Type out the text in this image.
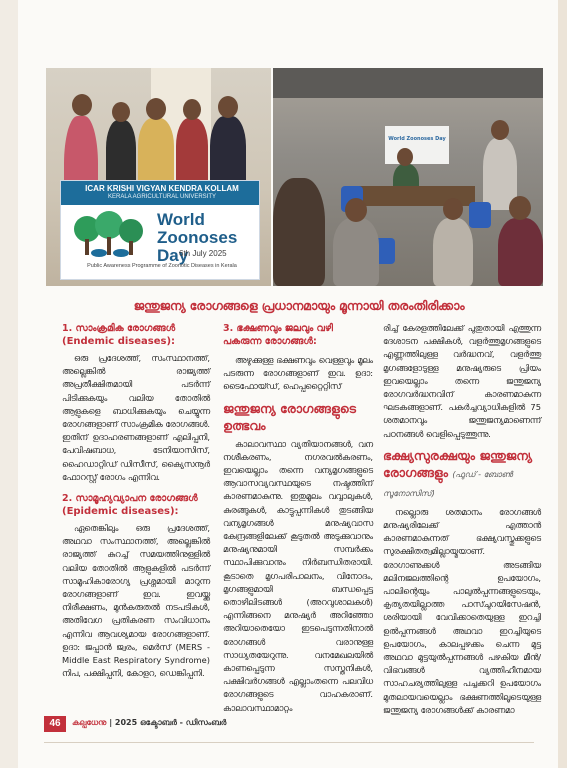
ICAR KRISHI VIGYAN KENDRA KOLLAM
KERALA AGRICULTURAL UNIVERSITY
World Zoonoses Day
6th July 2025
Public Awareness Programme of Zoonotic Diseases in Kerala
World Zoonoses Day
ജന്തുജന്യ രോഗങ്ങളെ പ്രധാനമായും മൂന്നായി തരംതിരിക്കാം
1. സാംക്രമിക രോഗങ്ങൾ
(Endemic diseases):

ഒരു പ്രദേശത്ത്, സംസ്ഥാനത്ത്, അല്ലെങ്കിൽ രാജ്യത്ത് അപ്രതീക്ഷിതമായി പടർന്ന് പിടിക്കുകയും വലിയ തോതിൽ ആളുകളെ ബാധിക്കുകയും ചെയ്യുന്ന രോഗങ്ങളാണ് സാംക്രമിക രോഗങ്ങൾ. ഇതിന് ഉദാഹരണങ്ങളാണ് എലിപ്പനി, പേവിഷബാധ, ടേനിയാസിസ്, ഹൈഡാറ്റിഡ് ഡിസീസ്, ക്യൈസനൂർ ഫോറസ്റ്റ് രോഗം എന്നിവ.

2. സാമൂഹ്യവ്യാപന രോഗങ്ങൾ
(Epidemic diseases):

ഏതെങ്കിലും ഒരു പ്രദേശത്ത്, അഥവാ സംസ്ഥാനത്ത്, അല്ലെങ്കിൽ രാജ്യത്ത് കുറച്ച് സമയത്തിനുള്ളിൽ വലിയ തോതിൽ ആളുകളിൽ പടർന്ന് സാമൂഹികാരോഗ്യ പ്രശ്നമായി മാറുന്ന രോഗങ്ങളാണ് ഇവ. ഇവയ്ക്കു നിരീക്ഷണം, മുൻകരുതൽ നടപടികൾ, അതിവേഗ പ്രതികരണ സംവിധാനം എന്നിവ ആവശ്യമായ രോഗങ്ങളാണ്. ഉദാ: ജപ്പാൻ ജ്വരം, മെർസ് (MERS - Middle East Respiratory Syndrome) നിപ, പക്ഷിപ്പനി, കോളറ, ഡെങ്കിപ്പനി.

3. ഭക്ഷണവും ജലവും വഴി പകരുന്ന രോഗങ്ങൾ:

അഴുക്കുള്ള ഭക്ഷണവും വെള്ളവും മൂലം പടരുന്ന രോഗങ്ങളാണ് ഇവ. ഉദാ: ടൈഫോയ്ഡ്, ഹെപ്പറ്റൈറ്റിസ്

ജന്തുജന്യ രോഗങ്ങളുടെ ഉത്ഭവം

കാലാവസ്ഥാ വ്യതിയാനങ്ങൾ, വന നശീകരണം, നഗരവൽകരണം, ഇവയെല്ലാം തന്നെ വന്യമൃഗങ്ങളുടെ ആവാസവ്യവസ്ഥയുടെ നഷ്ടത്തിന് കാരണമാകുന്നു. ഇതുമൂലം വവ്വാലുകൾ, കുരങ്ങുകൾ, കാട്ടുപ്പന്നികൾ തുടങ്ങിയ വന്യമൃഗങ്ങൾ മനുഷ്യവാസ കേന്ദ്രങ്ങളിലേക്ക് കൂടുതൽ അടുക്കുവാനും മനുഷ്യനുമായി സമ്പർക്കം സ്ഥാപിക്കുവാനും നിർബന്ധിതരായി. കൂടാതെ മൃഗപരിപാലനം, വിനോദം, മൃഗങ്ങളുമായി ബന്ധപ്പെട്ട തൊഴിലിടങ്ങൾ (അറവുശാലകൾ) എന്നിങ്ങനെ മനുഷ്യർ അറിഞ്ഞോ അറിയാതെയോ ഇടപെടുന്നതിനാൽ രോഗങ്ങൾ വരാനുള്ള സാധ്യതയേറുന്നു. വനമേഖലയിൽ കാണപ്പെടുന്ന സസ്തനികൾ, പക്ഷിവർഗങ്ങൾ എല്ലാംതന്നെ പലവിധ രോഗങ്ങളുടെ വാഹകരാണ്. കാലാവസ്ഥാമാറ്റം

രിച്ച് കേരളത്തിലേക്ക് പുതുതായി എത്തുന്ന ദേശാടന പക്ഷികൾ, വളർത്തുമൃഗങ്ങളുടെ എണ്ണത്തിലുള്ള വർദ്ധനവ്, വളർത്തു മൃഗങ്ങളോടുള്ള മനുഷ്യരുടെ പ്രിയം ഇവയെല്ലാം തന്നെ ജന്തുജന്യ രോഗവർദ്ധനവിന് കാരണമാകുന്ന ഘടകങ്ങളാണ്. പകർച്ചവ്യാധികളിൽ 75 ശതമാനവും ജന്തുജന്യമാണെന്ന് പഠനങ്ങൾ വെളിപ്പെടുത്തുന്നു.

ഭക്ഷ്യസുരക്ഷയും ജന്തുജന്യ രോഗങ്ങളും (ഫുഡ് - ബോൺ സൂനോസിസ്)

നല്ലൊരു ശതമാനം രോഗങ്ങൾ മനുഷ്യരിലേക്ക് എത്താൻ കാരണമാകുന്നത് ഭക്ഷ്യവസ്തുക്കളുടെ സുരക്ഷിതത്വമില്ലായ്മയാണ്. രോഗാണുക്കൾ അടങ്ങിയ മലിനജലത്തിന്റെ ഉപയോഗം, പാലിന്റെയും പാലുൽപ്പന്നങ്ങളുടെയും, കൃത്യതയില്ലാത്ത പാസ്ചുറയിസേഷൻ, ശരിയായി വേവിക്കാതെയുള്ള ഇറച്ചി ഉൽപ്പന്നങ്ങൾ അഥവാ ഇറച്ചിയുടെ ഉപയോഗം, കാലപ്പഴക്കം ചെന്ന മുട്ട അഥവാ മുട്ടയുൽപ്പന്നങ്ങൾ പഴകിയ മീൻ/വിഭവങ്ങൾ വ്യത്തിഹീനമായ സാഹചര്യത്തിലുള്ള പച്ചക്കറി ഉപയോഗം മുതലായവയെല്ലാം ഭക്ഷണത്തിലൂടെയുള്ള ജന്തുജന്യ രോഗങ്ങൾക്ക് കാരണമാ

46	കല്പധേനു | 2025 ഒക്ടോബർ - ഡിസംബർ
